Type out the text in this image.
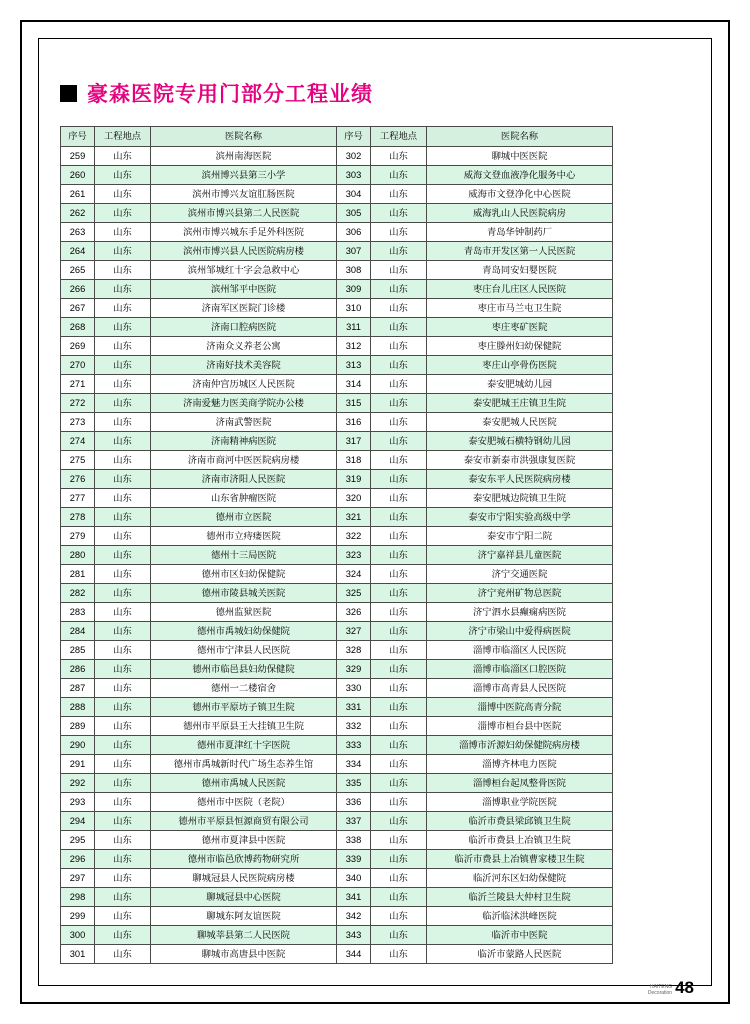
豪森医院专用门部分工程业绩
序号	工程地点	医院名称	序号	工程地点	医院名称
259	山东	滨州南海医院	302	山东	聊城中医医院
260	山东	滨州博兴县第三小学	303	山东	威海文登血液净化服务中心
261	山东	滨州市博兴友谊肛肠医院	304	山东	威海市文登净化中心医院
262	山东	滨州市博兴县第二人民医院	305	山东	威海乳山人民医院病房
263	山东	滨州市博兴城东手足外科医院	306	山东	青岛华钟制药厂
264	山东	滨州市博兴县人民医院病房楼	307	山东	青岛市开发区第一人民医院
265	山东	滨州邹城红十字会急救中心	308	山东	青岛同安妇婴医院
266	山东	滨州邹平中医院	309	山东	枣庄台儿庄区人民医院
267	山东	济南军区医院门诊楼	310	山东	枣庄市马兰屯卫生院
268	山东	济南口腔病医院	311	山东	枣庄枣矿医院
269	山东	济南众义养老公寓	312	山东	枣庄滕州妇幼保健院
270	山东	济南好技术美容院	313	山东	枣庄山亭骨伤医院
271	山东	济南仲宫历城区人民医院	314	山东	泰安肥城幼儿园
272	山东	济南爱魅力医美商学院办公楼	315	山东	泰安肥城王庄镇卫生院
273	山东	济南武警医院	316	山东	泰安肥城人民医院
274	山东	济南精神病医院	317	山东	泰安肥城石横特钢幼儿园
275	山东	济南市商河中医医院病房楼	318	山东	泰安市新泰市洪强康复医院
276	山东	济南市济阳人民医院	319	山东	泰安东平人民医院病房楼
277	山东	山东省肿瘤医院	320	山东	泰安肥城边院镇卫生院
278	山东	德州市立医院	321	山东	泰安市宁阳实验高级中学
279	山东	德州市立痔瘘医院	322	山东	泰安市宁阳二院
280	山东	德州十三局医院	323	山东	济宁嘉祥县儿童医院
281	山东	德州市区妇幼保健院	324	山东	济宁交通医院
282	山东	德州市陵县城关医院	325	山东	济宁兖州矿物总医院
283	山东	德州监狱医院	326	山东	济宁泗水县癫痫病医院
284	山东	德州市禹城妇幼保健院	327	山东	济宁市梁山中爱得病医院
285	山东	德州市宁津县人民医院	328	山东	淄博市临淄区人民医院
286	山东	德州市临邑县妇幼保健院	329	山东	淄博市临淄区口腔医院
287	山东	德州一二楼宿舍	330	山东	淄博市高青县人民医院
288	山东	德州市平原坊子镇卫生院	331	山东	淄博中医院高青分院
289	山东	德州市平原县王大挂镇卫生院	332	山东	淄博市桓台县中医院
290	山东	德州市夏津红十字医院	333	山东	淄博市沂源妇幼保健院病房楼
291	山东	德州市禹城新时代广场生态养生馆	334	山东	淄博齐林电力医院
292	山东	德州市禹城人民医院	335	山东	淄博桓台起凤整骨医院
293	山东	德州市中医院（老院）	336	山东	淄博职业学院医院
294	山东	德州市平原县恒源商贸有限公司	337	山东	临沂市费县梁邱镇卫生院
295	山东	德州市夏津县中医院	338	山东	临沂市费县上冶镇卫生院
296	山东	德州市临邑欣博药物研究所	339	山东	临沂市费县上冶镇曹家楼卫生院
297	山东	聊城冠县人民医院病房楼	340	山东	临沂河东区妇幼保健院
298	山东	聊城冠县中心医院	341	山东	临沂兰陵县大仲村卫生院
299	山东	聊城东阿友谊医院	342	山东	临沂临沭洪峰医院
300	山东	聊城莘县第二人民医院	343	山东	临沂市中医院
301	山东	聊城市高唐县中医院	344	山东	临沂市蒙路人民医院
HAITENG
Decoration 48
